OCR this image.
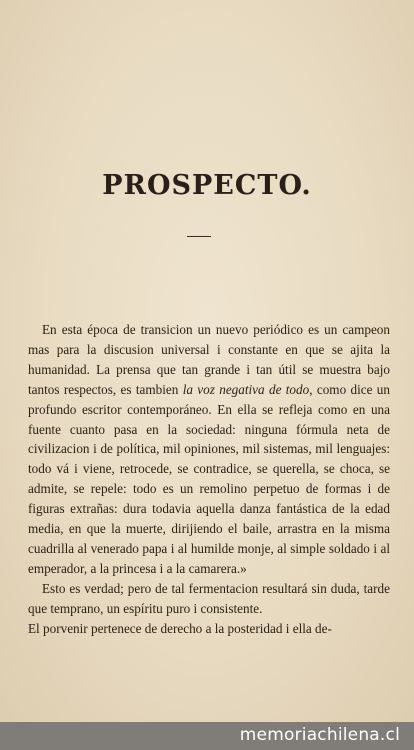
PROSPECTO.

En esta época de transicion un nuevo periódico es un campeon mas para la discusion universal i constante en que se ajita la humanidad. La prensa que tan grande i tan útil se muestra bajo tantos respectos, es tambien la voz negativa de todo, como dice un profundo escritor contemporáneo. En ella se refleja como en una fuente cuanto pasa en la sociedad: ninguna fórmula neta de civilizacion i de política, mil opiniones, mil sistemas, mil lenguajes: todo vá i viene, retrocede, se contradice, se querella, se choca, se admite, se repele: todo es un remolino perpetuo de formas i de figuras extrañas: dura todavia aquella danza fantástica de la edad media, en que la muerte, dirijiendo el baile, arrastra en la misma cuadrilla al venerado papa i al humilde monje, al simple soldado i al emperador, a la princesa i a la camarera.»

Esto es verdad; pero de tal fermentacion resultará sin duda, tarde que temprano, un espíritu puro i consistente.

El porvenir pertenece de derecho a la posteridad i ella de-

memoriachilena.cl
